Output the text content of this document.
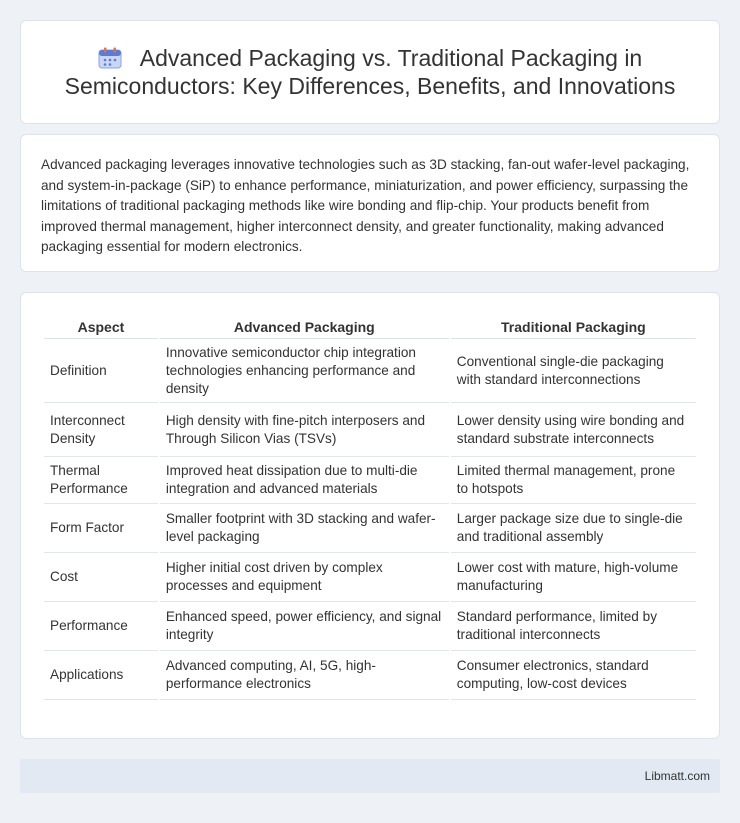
Advanced Packaging vs. Traditional Packaging in Semiconductors: Key Differences, Benefits, and Innovations

Advanced packaging leverages innovative technologies such as 3D stacking, fan-out wafer-level packaging, and system-in-package (SiP) to enhance performance, miniaturization, and power efficiency, surpassing the limitations of traditional packaging methods like wire bonding and flip-chip. Your products benefit from improved thermal management, higher interconnect density, and greater functionality, making advanced packaging essential for modern electronics.

Aspect	Advanced Packaging	Traditional Packaging
Definition	Innovative semiconductor chip integration technologies enhancing performance and density	Conventional single-die packaging with standard interconnections
Interconnect Density	High density with fine-pitch interposers and Through Silicon Vias (TSVs)	Lower density using wire bonding and standard substrate interconnects
Thermal Performance	Improved heat dissipation due to multi-die integration and advanced materials	Limited thermal management, prone to hotspots
Form Factor	Smaller footprint with 3D stacking and wafer-level packaging	Larger package size due to single-die and traditional assembly
Cost	Higher initial cost driven by complex processes and equipment	Lower cost with mature, high-volume manufacturing
Performance	Enhanced speed, power efficiency, and signal integrity	Standard performance, limited by traditional interconnects
Applications	Advanced computing, AI, 5G, high-performance electronics	Consumer electronics, standard computing, low-cost devices
Libmatt.com
